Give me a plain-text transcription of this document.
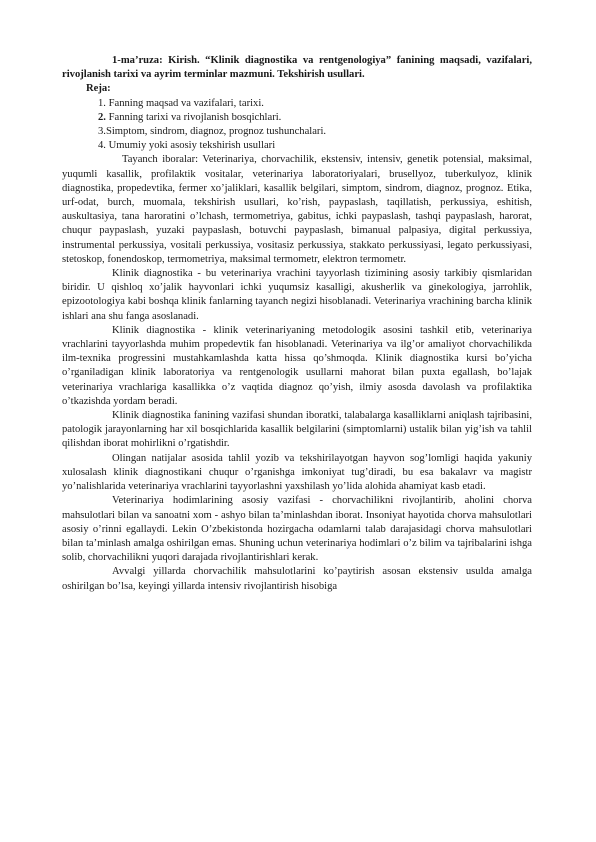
1-ma’ruza: Kirish. “Klinik diagnostika va rentgenologiya” fanining maqsadi, vazifalari, rivojlanish tarixi va ayrim terminlar mazmuni. Tekshirish usullari.

Reja:

1. Fanning maqsad va vazifalari, tarixi.
2. Fanning tarixi va rivojlanish bosqichlari.
3.Simptom, sindrom, diagnoz, prognoz tushunchalari.
4. Umumiy yoki asosiy tekshirish usullari

Tayanch iboralar: Veterinariya, chorvachilik, ekstensiv, intensiv, genetik potensial, maksimal, yuqumli kasallik, profilaktik vositalar, veterinariya laboratoriyalari, brusellyoz, tuberkulyoz, klinik diagnostika, propedevtika, fermer xo’jaliklari, kasallik belgilari, simptom, sindrom, diagnoz, prognoz. Etika, urf-odat, burch, muomala, tekshirish usullari, ko’rish, paypaslash, taqillatish, perkussiya, eshitish, auskultasiya, tana haroratini o’lchash, termometriya, gabitus, ichki paypaslash, tashqi paypaslash, harorat, chuqur paypaslash, yuzaki paypaslash, botuvchi paypaslash, bimanual palpasiya, digital perkussiya, instrumental perkussiya, vositali perkussiya, vositasiz perkussiya, stakkato perkussiyasi, legato perkussiyasi, stetoskop, fonendoskop, termometriya, maksimal termometr, elektron termometr.

Klinik diagnostika - bu veterinariya vrachini tayyorlash tizimining asosiy tarkibiy qismlaridan biridir. U qishloq xo’jalik hayvonlari ichki yuqumsiz kasalligi, akusherlik va ginekologiya, jarrohlik, epizootologiya kabi boshqa klinik fanlarning tayanch negizi hisoblanadi. Veterinariya vrachining barcha klinik ishlari ana shu fanga asoslanadi.

Klinik diagnostika - klinik veterinariyaning metodologik asosini tashkil etib, veterinariya vrachlarini tayyorlashda muhim propedevtik fan hisoblanadi. Veterinariya va ilg’or amaliyot chorvachilikda ilm-texnika progressini mustahkamlashda katta hissa qo’shmoqda. Klinik diagnostika kursi bo’yicha o’rganiladigan klinik laboratoriya va rentgenologik usullarni mahorat bilan puxta egallash, bo’lajak veterinariya vrachlariga kasallikka o’z vaqtida diagnoz qo’yish, ilmiy asosda davolash va profilaktika o’tkazishda yordam beradi.

Klinik diagnostika fanining vazifasi shundan iboratki, talabalarga kasalliklarni aniqlash tajribasini, patologik jarayonlarning har xil bosqichlarida kasallik belgilarini (simptomlarni) ustalik bilan yig’ish va tahlil qilishdan iborat mohirlikni o’rgatishdir.

Olingan natijalar asosida tahlil yozib va tekshirilayotgan hayvon sog’lomligi haqida yakuniy xulosalash klinik diagnostikani chuqur o’rganishga imkoniyat tug’diradi, bu esa bakalavr va magistr yo’nalishlarida veterinariya vrachlarini tayyorlashni yaxshilash yo’lida alohida ahamiyat kasb etadi.

Veterinariya hodimlarining asosiy vazifasi - chorvachilikni rivojlantirib, aholini chorva mahsulotlari bilan va sanoatni xom - ashyo bilan ta’minlashdan iborat. Insoniyat hayotida chorva mahsulotlari asosiy o’rinni egallaydi. Lekin O’zbekistonda hozirgacha odamlarni talab darajasidagi chorva mahsulotlari bilan ta’minlash amalga oshirilgan emas. Shuning uchun veterinariya hodimlari o’z bilim va tajribalarini ishga solib, chorvachilikni yuqori darajada rivojlantirishlari kerak.

Avvalgi yillarda chorvachilik mahsulotlarini ko’paytirish asosan ekstensiv usulda amalga oshirilgan bo’lsa, keyingi yillarda intensiv rivojlantirish hisobiga
